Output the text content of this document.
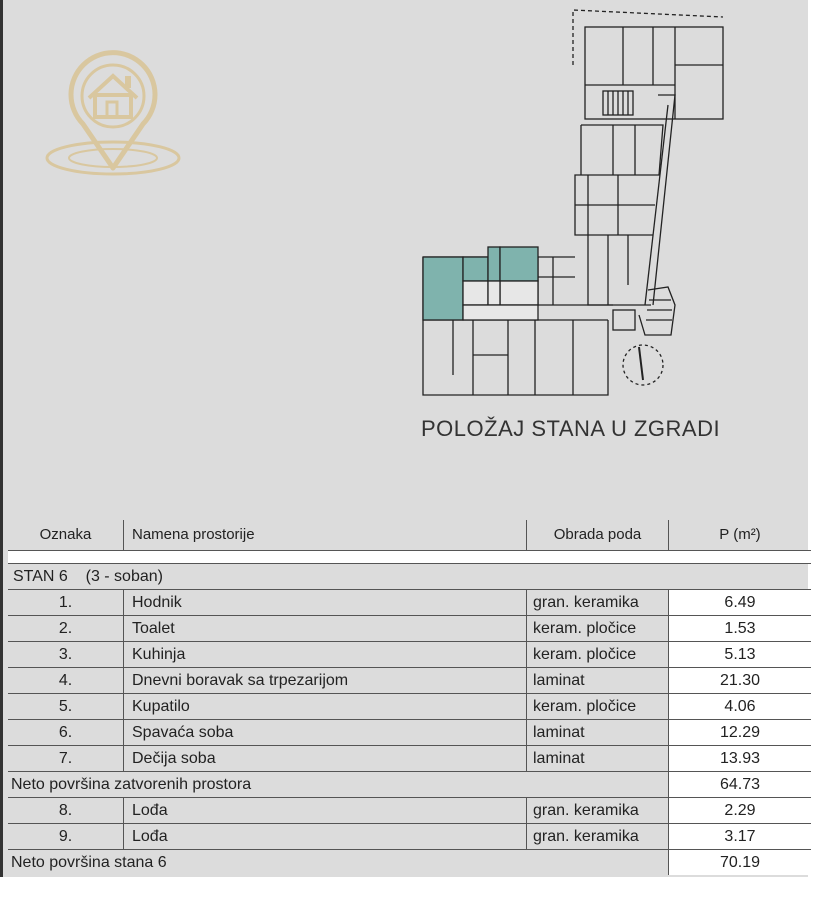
POLOŽAJ STANA U ZGRADI
Oznaka	Namena prostorije	Obrada poda	P (m²)
STAN 6 (3 - soban)
1.	Hodnik	gran. keramika	6.49
2.	Toalet	keram. pločice	1.53
3.	Kuhinja	keram. pločice	5.13
4.	Dnevni boravak sa trpezarijom	laminat	21.30
5.	Kupatilo	keram. pločice	4.06
6.	Spavaća soba	laminat	12.29
7.	Dečija soba	laminat	13.93
Neto površina zatvorenih prostora	64.73
8.	Lođa	gran. keramika	2.29
9.	Lođa	gran. keramika	3.17
Neto površina stana 6	70.19
